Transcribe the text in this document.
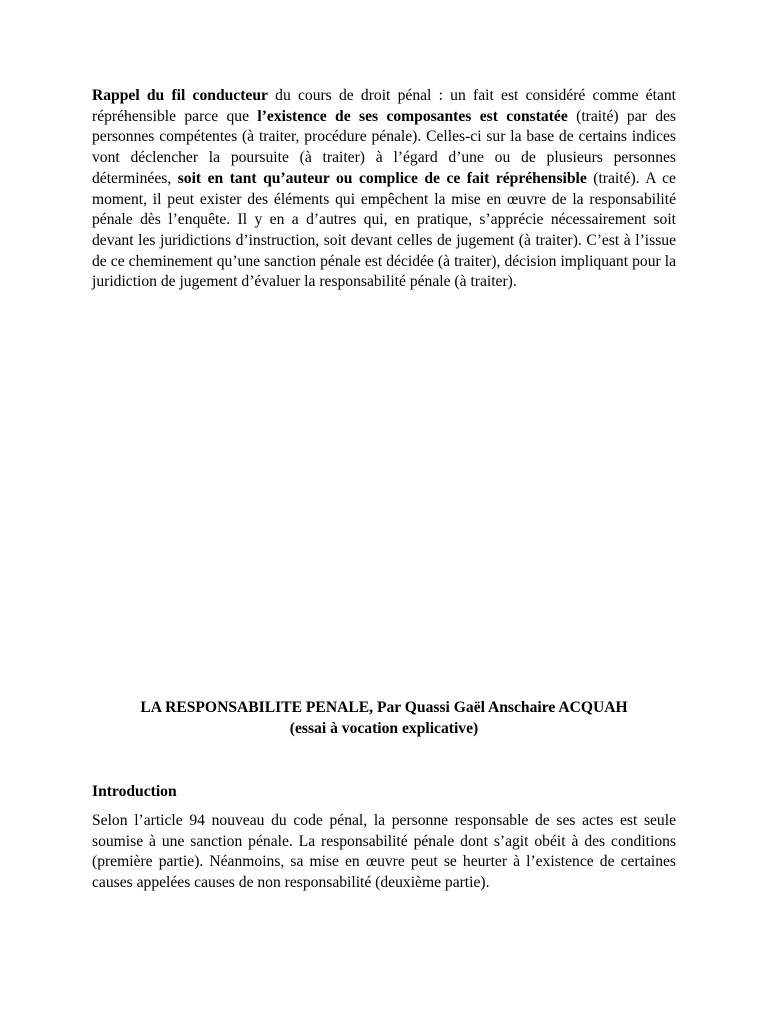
Rappel du fil conducteur du cours de droit pénal : un fait est considéré comme étant répréhensible parce que l’existence de ses composantes est constatée (traité) par des personnes compétentes (à traiter, procédure pénale). Celles-ci sur la base de certains indices vont déclencher la poursuite (à traiter) à l’égard d’une ou de plusieurs personnes déterminées, soit en tant qu’auteur ou complice de ce fait répréhensible (traité). A ce moment, il peut exister des éléments qui empêchent la mise en œuvre de la responsabilité pénale dès l’enquête. Il y en a d’autres qui, en pratique, s’apprécie nécessairement soit devant les juridictions d’instruction, soit devant celles de jugement (à traiter). C’est à l’issue de ce cheminement qu’une sanction pénale est décidée (à traiter), décision impliquant pour la juridiction de jugement d’évaluer la responsabilité pénale (à traiter).

LA RESPONSABILITE PENALE, Par Quassi Gaël Anschaire ACQUAH
(essai à vocation explicative)

Introduction

Selon l’article 94 nouveau du code pénal, la personne responsable de ses actes est seule soumise à une sanction pénale. La responsabilité pénale dont s’agit obéit à des conditions (première partie). Néanmoins, sa mise en œuvre peut se heurter à l’existence de certaines causes appelées causes de non responsabilité (deuxième partie).
